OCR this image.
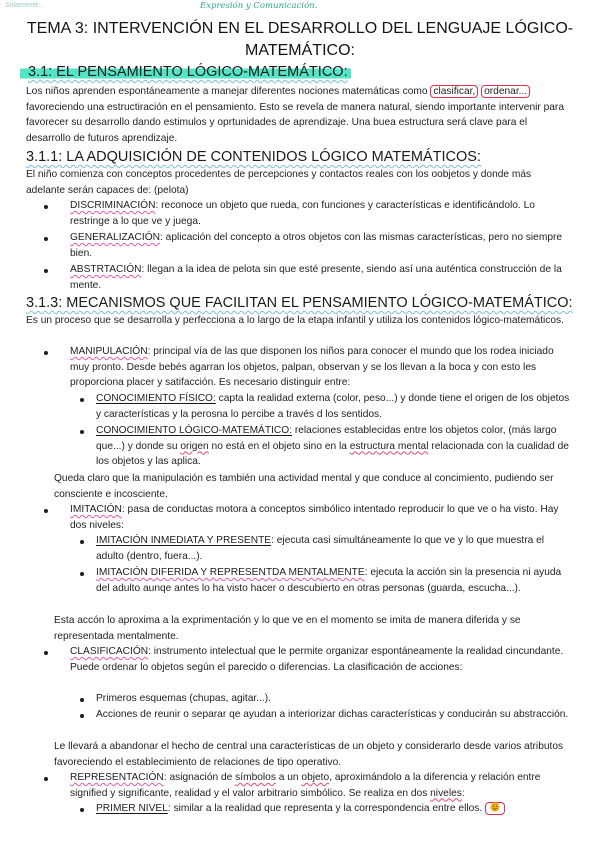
Solamente...	Expresión y Comunicación.
TEMA 3: INTERVENCIÓN EN EL DESARROLLO DEL LENGUAJE LÓGICO-MATEMÁTICO:
3.1: EL PENSAMIENTO LÓGICO-MATEMÁTICO:

Los niños aprenden espontáneamente a manejar diferentes nociones matemáticas como clasificar, ordenar... favoreciendo una estructiración en el pensamiento. Esto se revela de manera natural, siendo importante intervenir para favorecer su desarrollo dando estimulos y oprtunidades de aprendizaje. Una buea estructura será clave para el desarrollo de futuros aprendizaje.

3.1.1: LA ADQUISICIÓN DE CONTENIDOS LÓGICO MATEMÁTICOS:

El niño comienza con conceptos procedentes de percepciones y contactos reales con los oobjetos y donde más adelante serán capaces de: (pelota)

DISCRIMINACIÓN: reconoce un objeto que rueda, con funciones y características e identificándolo. Lo restringe a lo que ve y juega.

GENERALIZACIÓN: aplicación del concepto a otros objetos con las mismas características, pero no siempre bien.

ABSTRTACIÓN: llegan a la idea de pelota sin que esté presente, siendo así una auténtica construcción de la mente.

3.1.3: MECANISMOS QUE FACILITAN EL PENSAMIENTO LÓGICO-MATEMÁTICO:

Es un proceso que se desarrolla y perfecciona a lo largo de la etapa infantil y utiliza los contenidos lógico-matemáticos.

MANIPULACIÓN: principal vía de las que disponen los niños para conocer el mundo que los rodea iniciado muy pronto. Desde bebés agarran los objetos, palpan, observan y se los llevan a la boca y con esto les proporciona placer y satifacción. Es necesario distinguir entre:

CONOCIMIENTO FÍSICO: capta la realidad externa (color, peso...) y donde tiene el origen de los objetos y características y la perosna lo percibe a través d los sentidos.

CONOCIMIENTO LÓGICO-MATEMÁTICO: relaciones establecidas entre los objetos color, (más largo que...) y donde su origen no está en el objeto sino en la estructura mental relacionada con la cualidad de los objetos y las aplica.

Queda claro que la manipulación es también una actividad mental y que conduce al concimiento, pudiendo ser consciente e incosciente.

IMITACIÓN: pasa de conductas motora a conceptos simbólico intentado reproducir lo que ve o ha visto. Hay dos niveles:

IMITACIÓN INMEDIATA Y PRESENTE: ejecuta casi simultáneamente lo que ve y lo que muestra el adulto (dentro, fuera...).

IMITACIÓN DIFERIDA Y REPRESENTDA MENTALMENTE: ejecuta la acción sin la presencia ni ayuda del adulto aunqe antes lo ha visto hacer o descubierto en otras personas (guarda, escucha...).

Esta accón lo aproxima a la exprimentación y lo que ve en el momento se imita de manera diferida y se representada mentalmente.

CLASIFICACIÓN: instrumento intelectual que le permite organizar espontáneamente la realidad cincundante. Puede ordenar lo objetos según el parecido o diferencias. La clasificación de acciones:

Primeros esquemas (chupas, agitar...).

Acciones de reunir o separar qe ayudan a interiorizar dichas características y conducirán su abstracción.

Le llevará a abandonar el hecho de central una características de un objeto y considerarlo desde varios atributos favoreciendo el establecimiento de relaciones de tipo operativo.

REPRESENTACIÓN: asignación de símbolos a un objeto, aproximándolo a la diferencia y relación entre signified y significante, realidad y el valor arbitrario simbólico. Se realiza en dos niveles:

PRIMER NIVEL: similar a la realidad que representa y la correspondencia entre ellos.
